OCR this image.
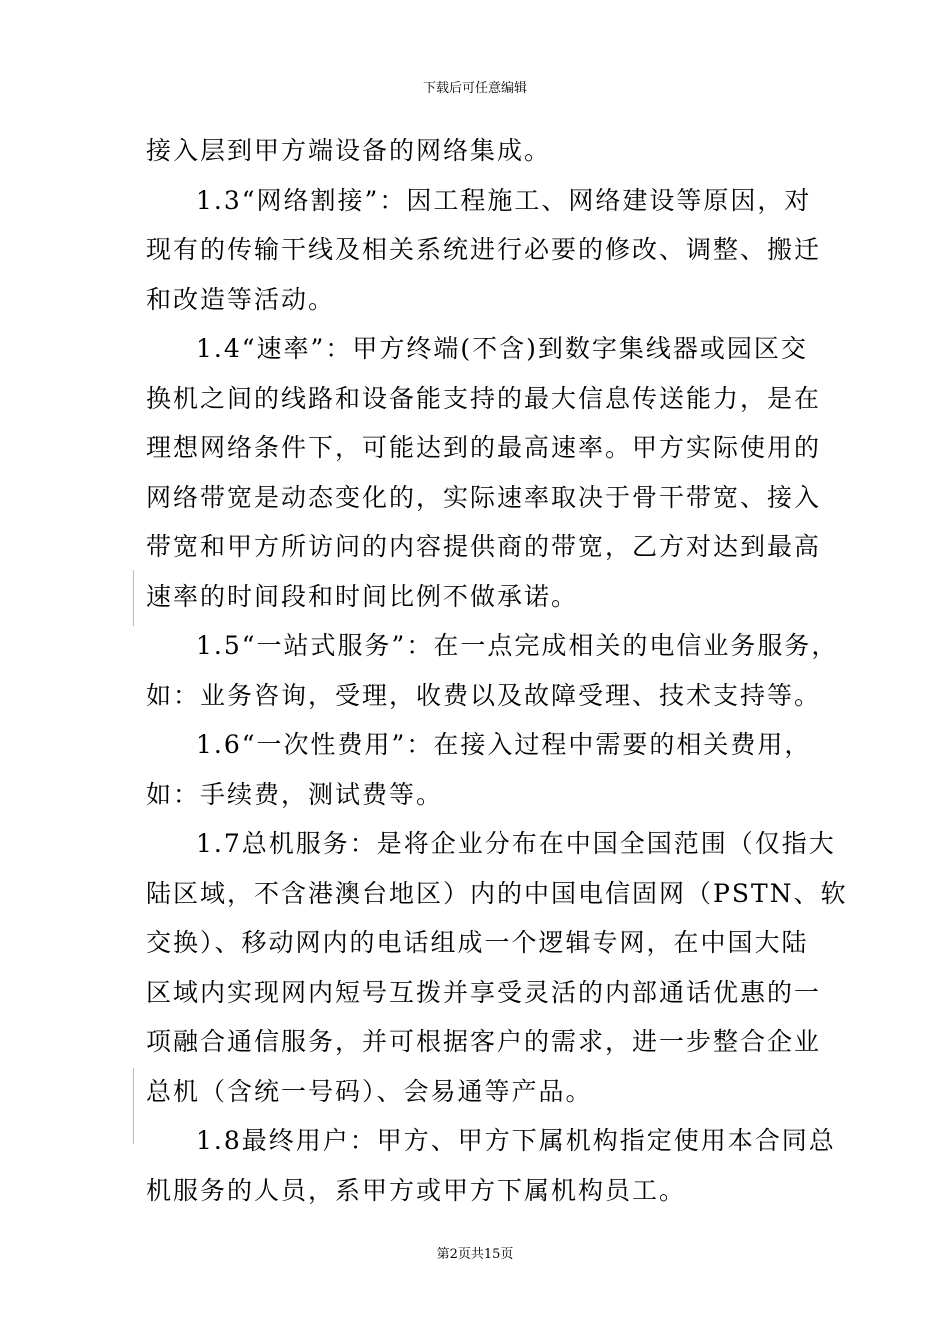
下载后可任意编辑
接入层到甲方端设备的网络集成。
1.3“网络割接”：因工程施工、网络建设等原因，对
现有的传输干线及相关系统进行必要的修改、调整、搬迁
和改造等活动。
1.4“速率”：甲方终端(不含)到数字集线器或园区交
换机之间的线路和设备能支持的最大信息传送能力，是在
理想网络条件下，可能达到的最高速率。甲方实际使用的
网络带宽是动态变化的，实际速率取决于骨干带宽、接入
带宽和甲方所访问的内容提供商的带宽，乙方对达到最高
速率的时间段和时间比例不做承诺。
1.5“一站式服务”：在一点完成相关的电信业务服务，
如：业务咨询，受理，收费以及故障受理、技术支持等。
1.6“一次性费用”：在接入过程中需要的相关费用，
如：手续费，测试费等。
1.7总机服务：是将企业分布在中国全国范围（仅指大
陆区域，不含港澳台地区）内的中国电信固网（PSTN、软
交换）、移动网内的电话组成一个逻辑专网，在中国大陆
区域内实现网内短号互拨并享受灵活的内部通话优惠的一
项融合通信服务，并可根据客户的需求，进一步整合企业
总机（含统一号码）、会易通等产品。
1.8最终用户：甲方、甲方下属机构指定使用本合同总
机服务的人员，系甲方或甲方下属机构员工。
第2页共15页
